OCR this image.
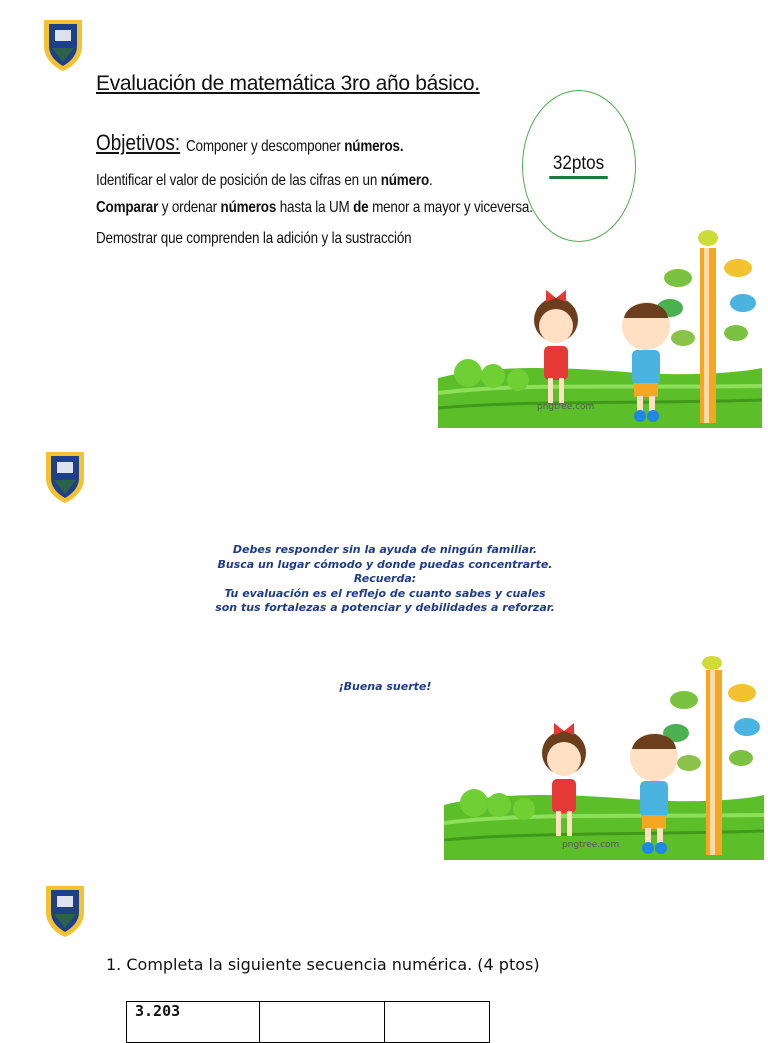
Evaluación de matemática 3ro año básico.
Objetivos: Componer y descomponer números.
Identificar el valor de posición de las cifras en un número.
Comparar y ordenar números hasta la UM de menor a mayor y viceversa.
Demostrar que comprenden la adición y la sustracción
32ptos
pngtree.com
Debes responder sin la ayuda de ningún familiar.
Busca un lugar cómodo y donde puedas concentrarte.
Recuerda:
Tu evaluación es el reflejo de cuanto sabes y cuales
son tus fortalezas a potenciar y debilidades a reforzar.
¡Buena suerte!
pngtree.com
1. Completa la siguiente secuencia numérica. (4 ptos)
3.203		
